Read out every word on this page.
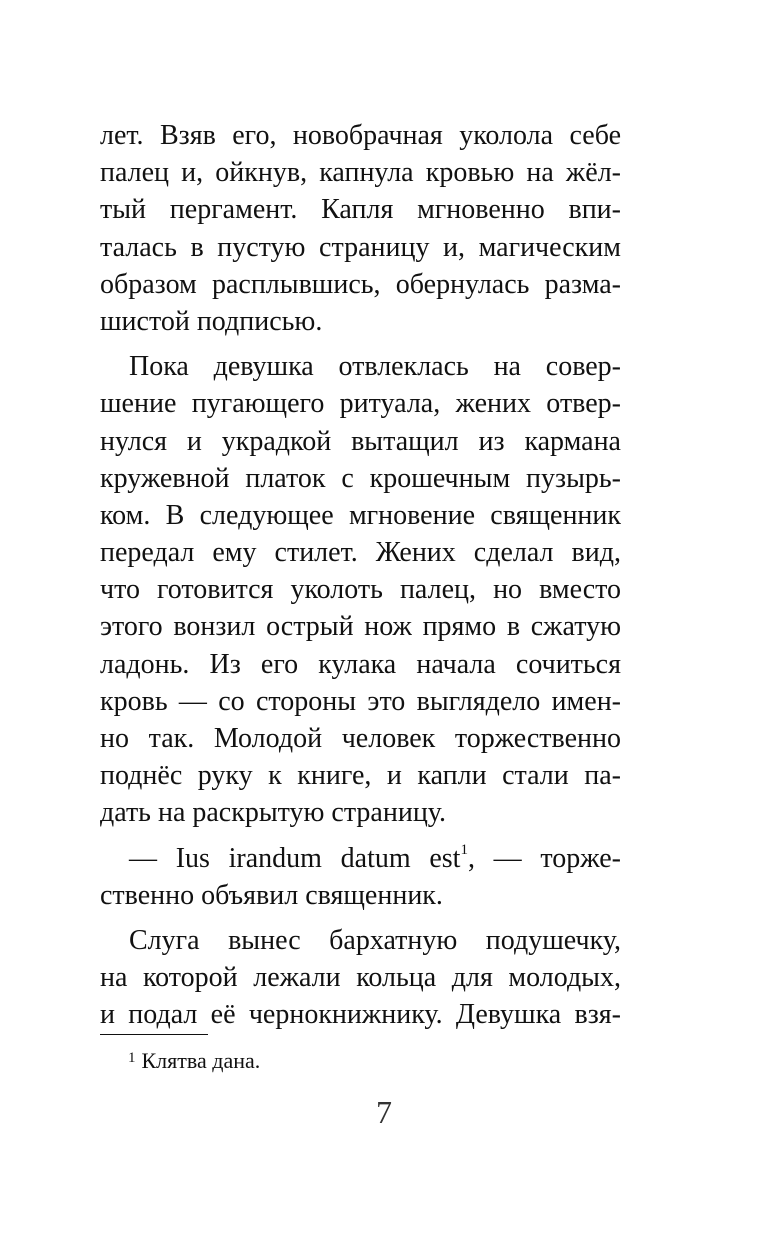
лет. Взяв его, новобрачная уколола себе
палец и, ойкнув, капнула кровью на жёл-
тый пергамент. Капля мгновенно впи-
талась в пустую страницу и, магическим
образом расплывшись, обернулась разма-
шистой подписью.
Пока девушка отвлеклась на совер-
шение пугающего ритуала, жених отвер-
нулся и украдкой вытащил из кармана
кружевной платок с крошечным пузырь-
ком. В следующее мгновение священник
передал ему стилет. Жених сделал вид,
что готовится уколоть палец, но вместо
этого вонзил острый нож прямо в сжатую
ладонь. Из его кулака начала сочиться
кровь — со стороны это выглядело имен-
но так. Молодой человек торжественно
поднёс руку к книге, и капли стали па-
дать на раскрытую страницу.
— Ius irandum datum est$^1$, — торже-
ственно объявил священник.
Слуга вынес бархатную подушечку,
на которой лежали кольца для молодых,
и подал её чернокнижнику. Девушка взя-
$^1$ Клятва дана.
7
